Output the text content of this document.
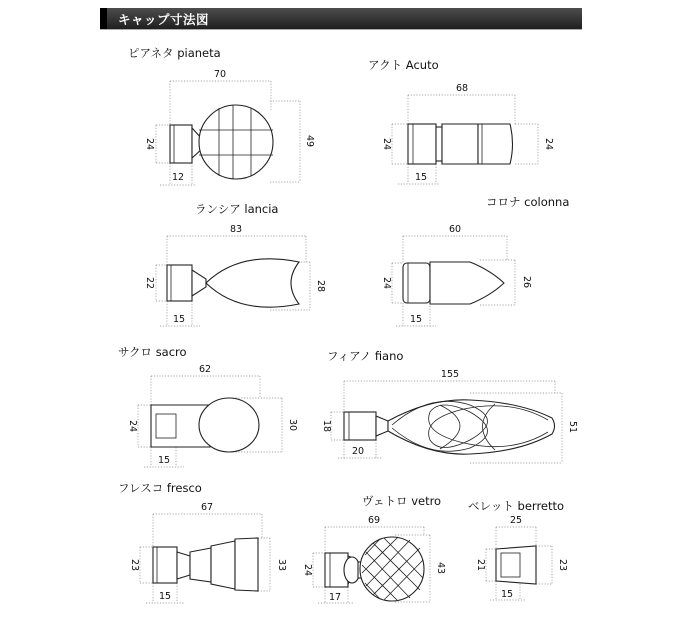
キャップ寸法図
ピアネタ pianeta
70
24	49
12
アクト Acuto
68
24	24
15
ランシア lancia
83
22	28
15
コロナ colonna
60
24	26
15
サクロ sacro
62
24	30
15
フィアノ fiano
155
18	51
20
フレスコ fresco
67
23	33
15
ヴェトロ vetro
69
24	43
17
ベレット berretto
25
21	23
15
